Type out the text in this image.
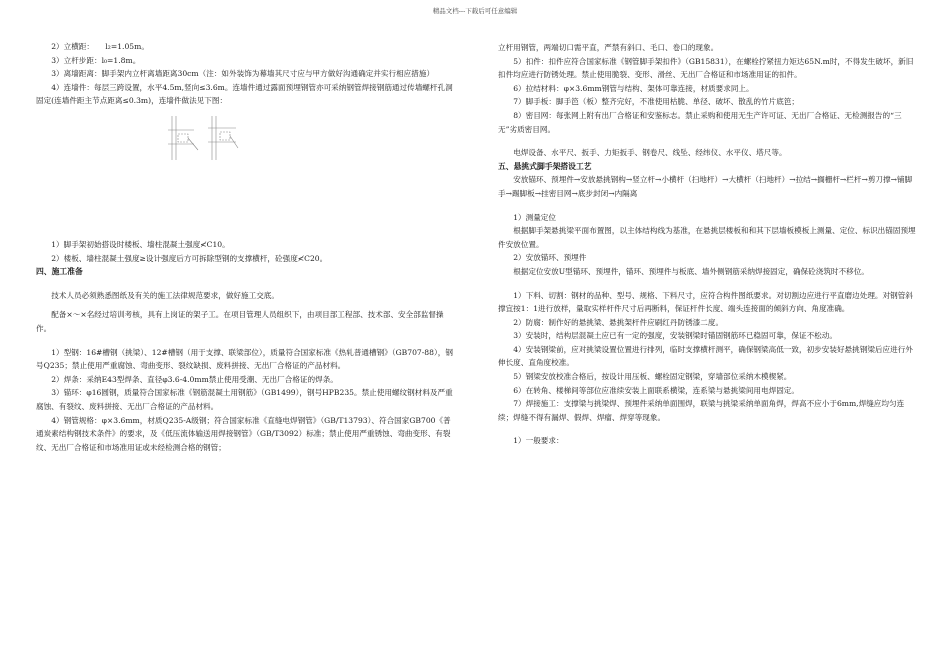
精品文档---下载后可任意编辑

2）立横距：　　l₂=1.05m。

3）立杆步距：l₀=1.8m。

3）离墙距离：脚手架内立杆离墙距离30cm（注：如外装饰为幕墙其尺寸应与甲方做好沟通确定并实行相应措施）

4）连墙件：每层三跨设置，水平4.5m,竖向≤3.6m。连墙件通过露面预埋钢管亦可采纳钢管焊接钢筋通过传墙螺杆孔洞固定(连墙件距主节点距离≤0.3m)，连墙件做法见下图：

1）脚手架初始搭设时楼板、墙柱混凝土强度≮C10。

2）楼板、墙柱混凝土强度≥设计强度后方可拆除型钢的支撑横杆，砼强度≮C20。

四、施工准备

技术人员必须熟悉图纸及有关的施工法律规范要求，做好施工交底。

配备×～×名经过培训考核，具有上岗证的架子工。在项目管理人员组织下，由项目部工程部、技术部、安全部监督操作。

1）型钢：16#槽钢（挑梁）、12#槽钢（用于支撑、联梁部位），质量符合国家标准《热轧普通槽钢》（GB707-88），钢号Q235；禁止使用严重腐蚀、弯曲变形、裂纹缺损、废料拼接、无出厂合格证的产品材料。

2）焊条：采纳E43型焊条、直径φ3.6-4.0mm禁止使用受潮、无出厂合格证的焊条。

3）锚环：φ16圆钢，质量符合国家标准《钢筋混凝土用钢筋》（GB1499），钢号HPB235。禁止使用螺纹钢材料及严重腐蚀、有裂纹、废料拼接、无出厂合格证的产品材料。

4）钢管规格：φ×3.6mm，材质Q235-A级钢；符合国家标准《直缝电焊钢管》（GB/T13793）、符合国家GB700《普通炭素结构钢技术条件》的要求，及《低压流体输送用焊接钢管》（GB/T3092）标准；禁止使用严重锈蚀、弯曲变形、有裂纹、无出厂合格证和市场准用证或未经检测合格的钢管；

立杆用钢管，两端切口需平直，严禁有斜口、毛口、卷口的现象。

5）扣件：扣件应符合国家标准《钢管脚手架扣件》（GB15831），在螺栓拧紧扭力矩达65N.m时，不得发生破坏，新旧扣件均应进行防锈处理。禁止使用脆裂、变形、滑丝、无出厂合格证和市场准用证的扣件。

6）拉结材料：φ×3.6mm钢管与结构、架体可靠连接，材质要求同上。

7）脚手板：脚手笆（板）整齐完好，不准使用枯脆、单径、破坏、散乱的竹片底笆；

8）密目网：每张网上附有出厂合格证和安鉴标志。禁止采购和使用无生产许可证、无出厂合格证、无检测报告的“三无”劣质密目网。

电焊设备、水平尺、扳手、力矩扳手、钢卷尺、线坠、经纬仪、水平仪、塔尺等。

五、悬挑式脚手架搭设工艺

安放锚环、预埋件→安放悬挑钢构→竖立杆→小横杆（扫地杆）→大横杆（扫地杆）→拉结→搁栅杆→栏杆→剪刀撑→铺脚手→踢脚板→挂密目网→底步封闭→内隔离

1）测量定位

根据脚手架悬挑梁平面布置图，以主体结构线为基准，在悬挑层楼板和和其下层墙板模板上测量、定位、标识出锚固预埋件安放位置。

2）安放锚环、预埋件

根据定位安放U型锚环、预埋件，锚环、预埋件与板底、墙外侧钢筋采纳焊接固定，确保砼浇筑时不移位。

1）下料、切割：钢材的品种、型号、规格、下料尺寸，应符合构件图纸要求。对切割边应进行平直磨边处理。对钢管斜撑宜按1：1进行放样，量取实样杆件尺寸后再断料，保证杆件长度、端头连接面的倾斜方向、角度准确。

2）防腐：制作好的悬挑梁、悬挑架杆件应刷红丹防锈漆二度。

3）安装时，结构层混凝土应已有一定的强度，安装钢梁时锚固钢筋环已稳固可靠，保证不松动。

4）安装钢梁前，应对挑梁设置位置进行排列，临时支撑横杆测平，确保钢梁高低一致，初步安装好悬挑钢梁后应进行外伸长度、直角度校准。

5）钢梁安放校准合格后，按设计用压板、螺栓固定钢梁，穿墙部位采纳木模楔紧。

6）在转角、楼梯间等部位应准续安装上面联系横梁，连系梁与悬挑梁间用电焊固定。

7）焊接施工：支撑梁与挑梁焊、预埋件采纳单面围焊，联梁与挑梁采纳单面角焊，焊高不应小于6mm,焊缝应均匀连续；焊缝不得有漏焊、假焊、焊瘤、焊穿等现象。

1）一般要求：
